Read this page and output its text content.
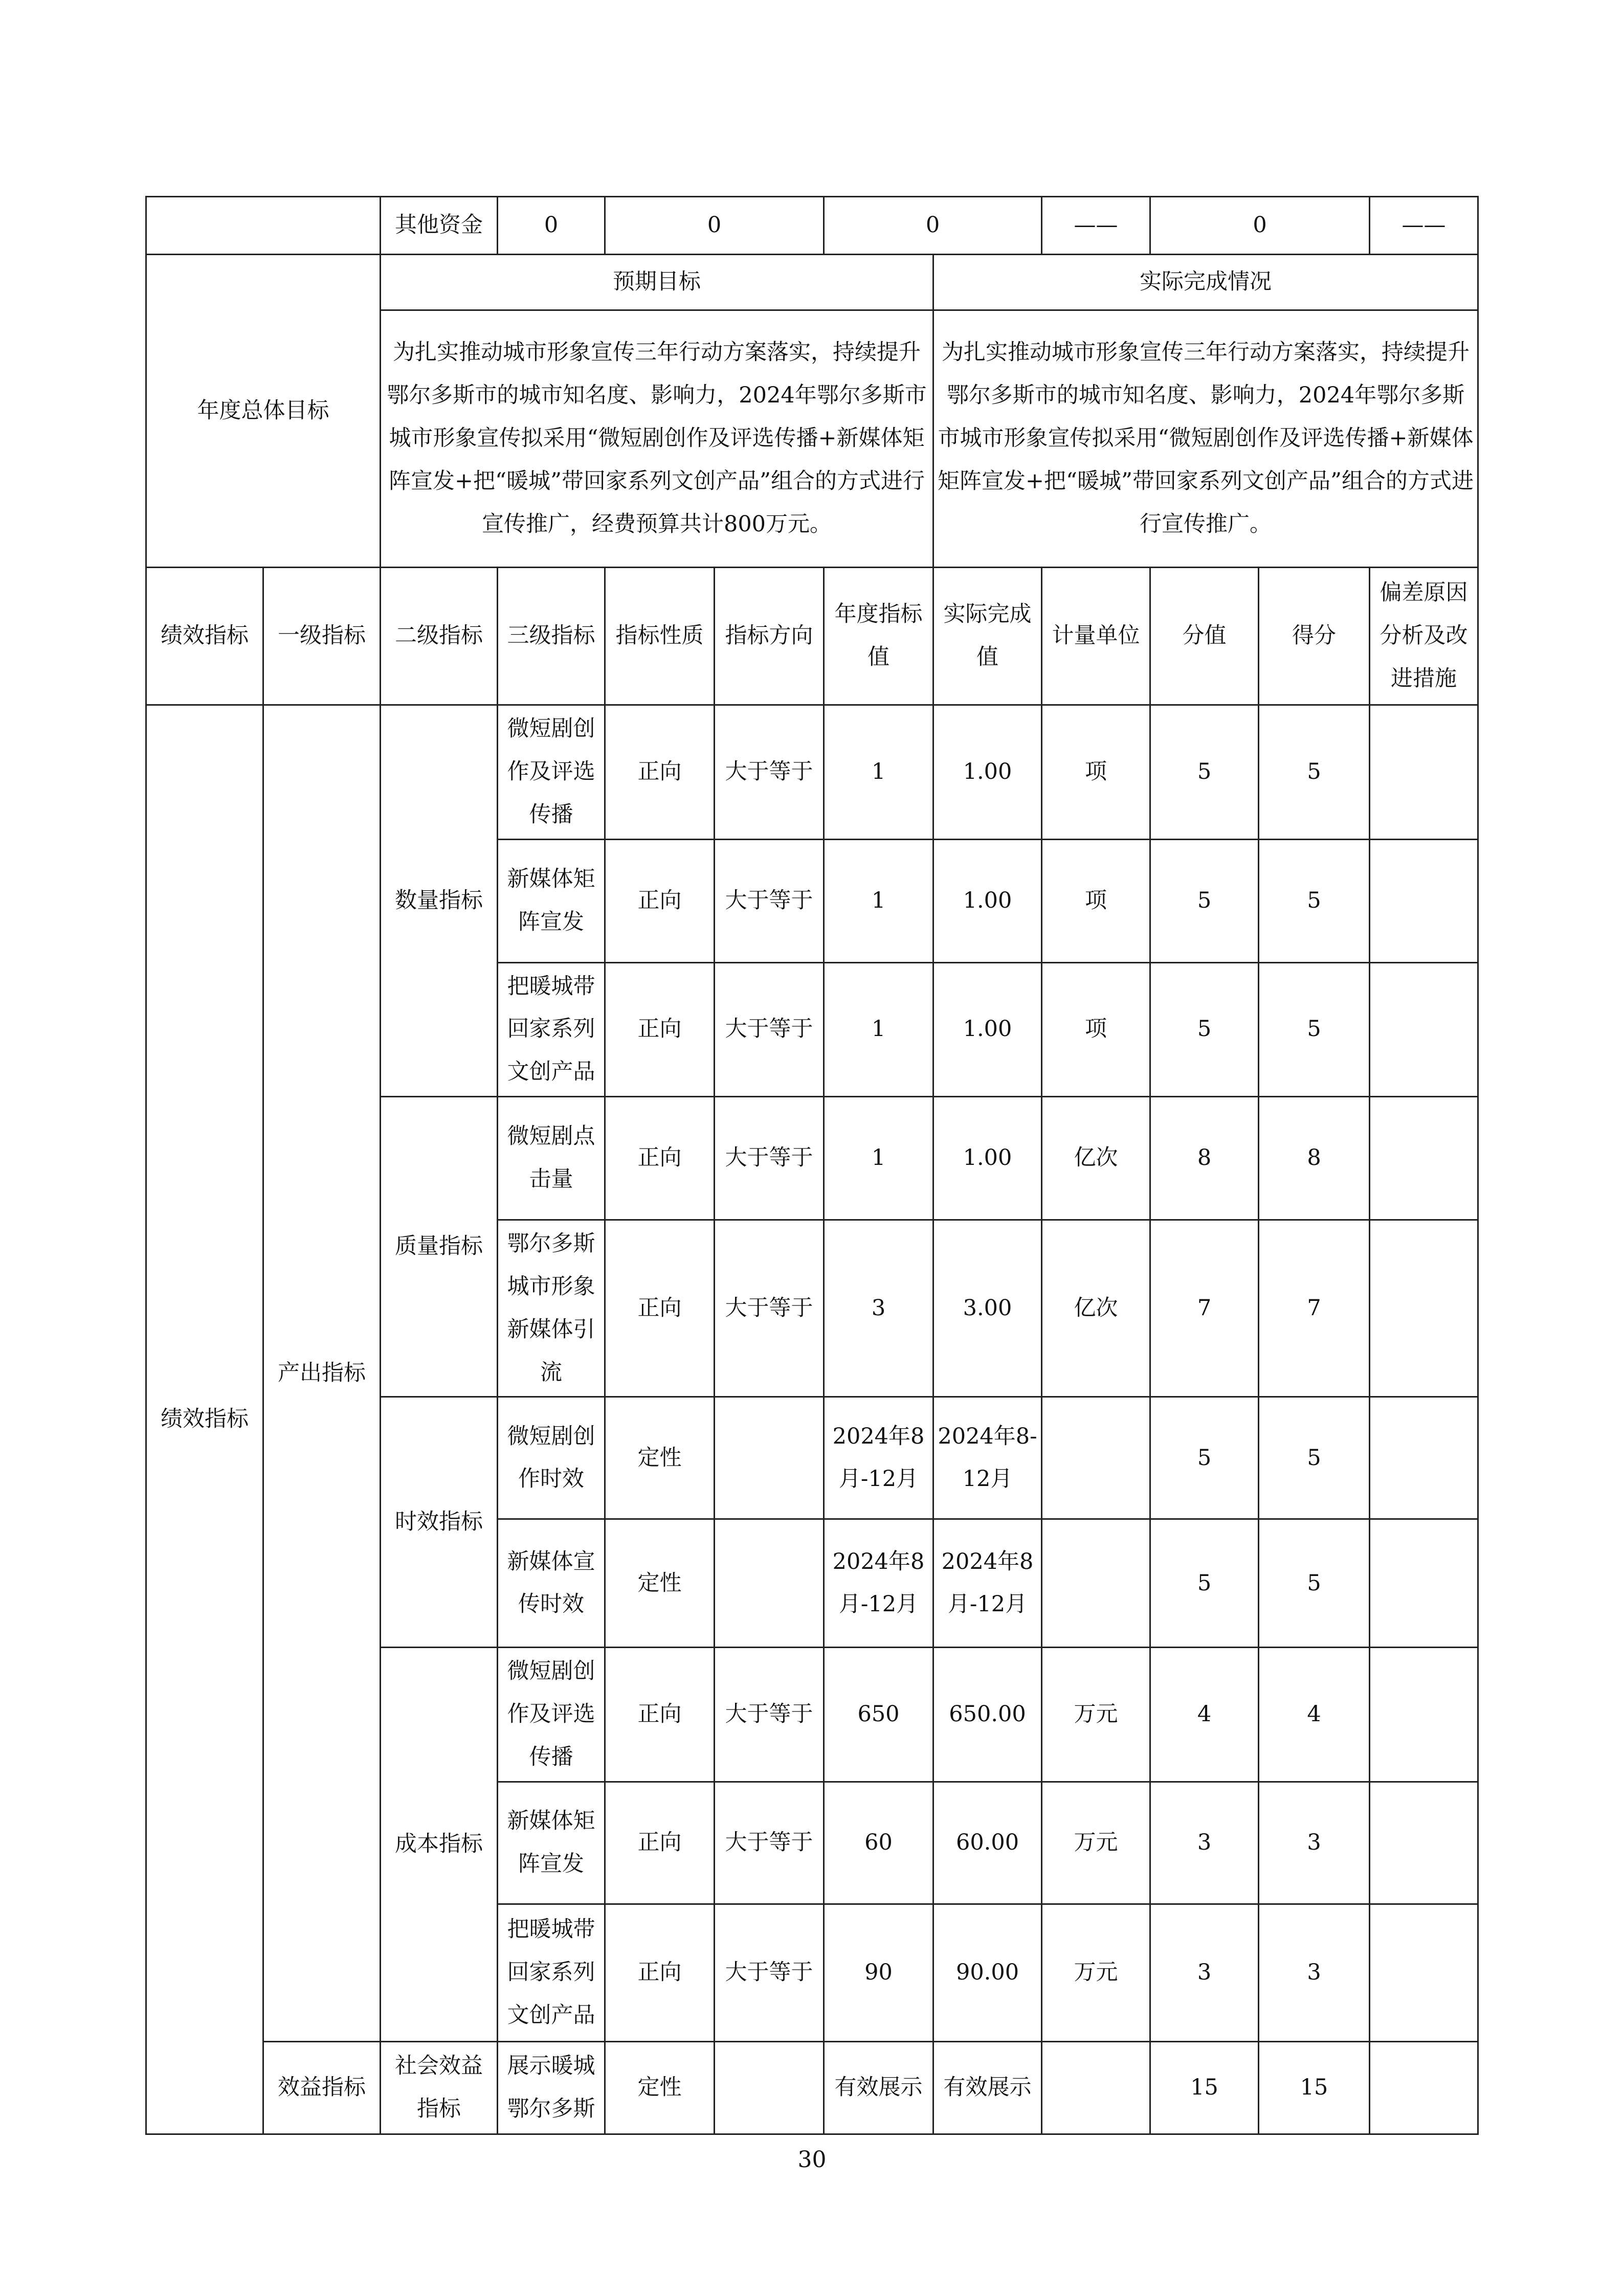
		其他资金	0	0		0		——	0		——
年度总体目标		预期目标					实际完成情况				
		为扎实推动城市形象宣传三年行动方案落实，持续提升鄂尔多斯市的城市知名度、影响力，2024年鄂尔多斯市城市形象宣传拟采用“微短剧创作及评选传播+新媒体矩阵宣发+把“暖城”带回家系列文创产品”组合的方式进行宣传推广，经费预算共计800万元。					为扎实推动城市形象宣传三年行动方案落实，持续提升鄂尔多斯市的城市知名度、影响力，2024年鄂尔多斯市城市形象宣传拟采用“微短剧创作及评选传播+新媒体矩阵宣发+把“暖城”带回家系列文创产品”组合的方式进行宣传推广。				
绩效指标	一级指标	二级指标	三级指标	指标性质	指标方向	年度指标值	实际完成值	计量单位	分值	得分	偏差原因分析及改进措施
绩效指标	产出指标	数量指标	微短剧创作及评选传播	正向	大于等于	1	1.00	项	5	5	
			新媒体矩阵宣发	正向	大于等于	1	1.00	项	5	5	
			把暖城带回家系列文创产品	正向	大于等于	1	1.00	项	5	5	
		质量指标	微短剧点击量	正向	大于等于	1	1.00	亿次	8	8	
			鄂尔多斯城市形象新媒体引流	正向	大于等于	3	3.00	亿次	7	7	
		时效指标	微短剧创作时效	定性		2024年8月-12月	2024年8-12月		5	5	
			新媒体宣传时效	定性		2024年8月-12月	2024年8月-12月		5	5	
		成本指标	微短剧创作及评选传播	正向	大于等于	650	650.00	万元	4	4	
			新媒体矩阵宣发	正向	大于等于	60	60.00	万元	3	3	
			把暖城带回家系列文创产品	正向	大于等于	90	90.00	万元	3	3	
	效益指标	社会效益指标	展示暖城鄂尔多斯	定性		有效展示	有效展示		15	15	
30
